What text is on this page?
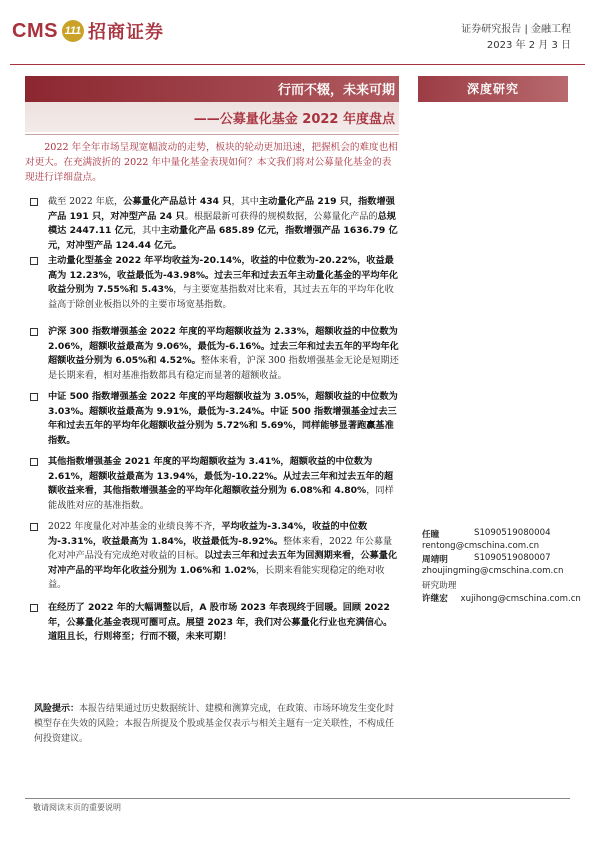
CMS 111 招商证券	证券研究报告 | 金融工程
2023 年 2 月 3 日
行而不辍，未来可期
——公募量化基金 2022 年度盘点
深度研究
2022 年全年市场呈现宽幅波动的走势，板块的轮动更加迅速，把握机会的难度也相对更大。在充满波折的 2022 年中量化基金表现如何？本文我们将对公募量化基金的表现进行详细盘点。
截至 2022 年底，公募量化产品总计 434 只，其中主动量化产品 219 只，指数增强产品 191 只，对冲型产品 24 只。根据最新可获得的规模数据，公募量化产品的总规模达 2447.11 亿元，其中主动量化产品 685.89 亿元，指数增强产品 1636.79 亿元，对冲型产品 124.44 亿元。
主动量化型基金 2022 年平均收益为-20.14%，收益的中位数为-20.22%，收益最高为 12.23%，收益最低为-43.98%。过去三年和过去五年主动量化基金的平均年化收益分别为 7.55%和 5.43%，与主要宽基指数对比来看，其过去五年的平均年化收益高于除创业板指以外的主要市场宽基指数。
沪深 300 指数增强基金 2022 年度的平均超额收益为 2.33%，超额收益的中位数为 2.06%，超额收益最高为 9.06%，最低为-6.16%。过去三年和过去五年的平均年化超额收益分别为 6.05%和 4.52%。整体来看，沪深 300 指数增强基金无论是短期还是长期来看，相对基准指数都具有稳定而显著的超额收益。
中证 500 指数增强基金 2022 年度的平均超额收益为 3.05%，超额收益的中位数为 3.03%。超额收益最高为 9.91%，最低为-3.24%。中证 500 指数增强基金过去三年和过去五年的平均年化超额收益分别为 5.72%和 5.69%，同样能够显著跑赢基准指数。
其他指数增强基金 2021 年度的平均超额收益为 3.41%，超额收益的中位数为 2.61%，超额收益最高为 13.94%，最低为-10.22%。从过去三年和过去五年的超额收益来看，其他指数增强基金的平均年化超额收益分别为 6.08%和 4.80%，同样能战胜对应的基准指数。
2022 年度量化对冲基金的业绩良莠不齐，平均收益为-3.34%，收益的中位数为-3.31%，收益最高为 1.84%，收益最低为-8.92%。整体来看，2022 年公募量化对冲产品没有完成绝对收益的目标。以过去三年和过去五年为回测期来看，公募量化对冲产品的平均年化收益分别为 1.06%和 1.02%，长期来看能实现稳定的绝对收益。
在经历了 2022 年的大幅调整以后，A 股市场 2023 年表现终于回暖。回顾 2022 年，公募量化基金表现可圈可点。展望 2023 年，我们对公募量化行业也充满信心。道阻且长，行则将至；行而不辍，未来可期！
任瞳	S1090519080004
rentong@cmschina.com.cn
周靖明	S1090519080007
zhoujingming@cmschina.com.cn
研究助理
许继宏 xujihong@cmschina.com.cn
风险提示：本报告结果通过历史数据统计、建模和测算完成，在政策、市场环境发生变化时模型存在失效的风险；本报告所提及个股或基金仅表示与相关主题有一定关联性，不构成任何投资建议。
敬请阅读末页的重要说明
